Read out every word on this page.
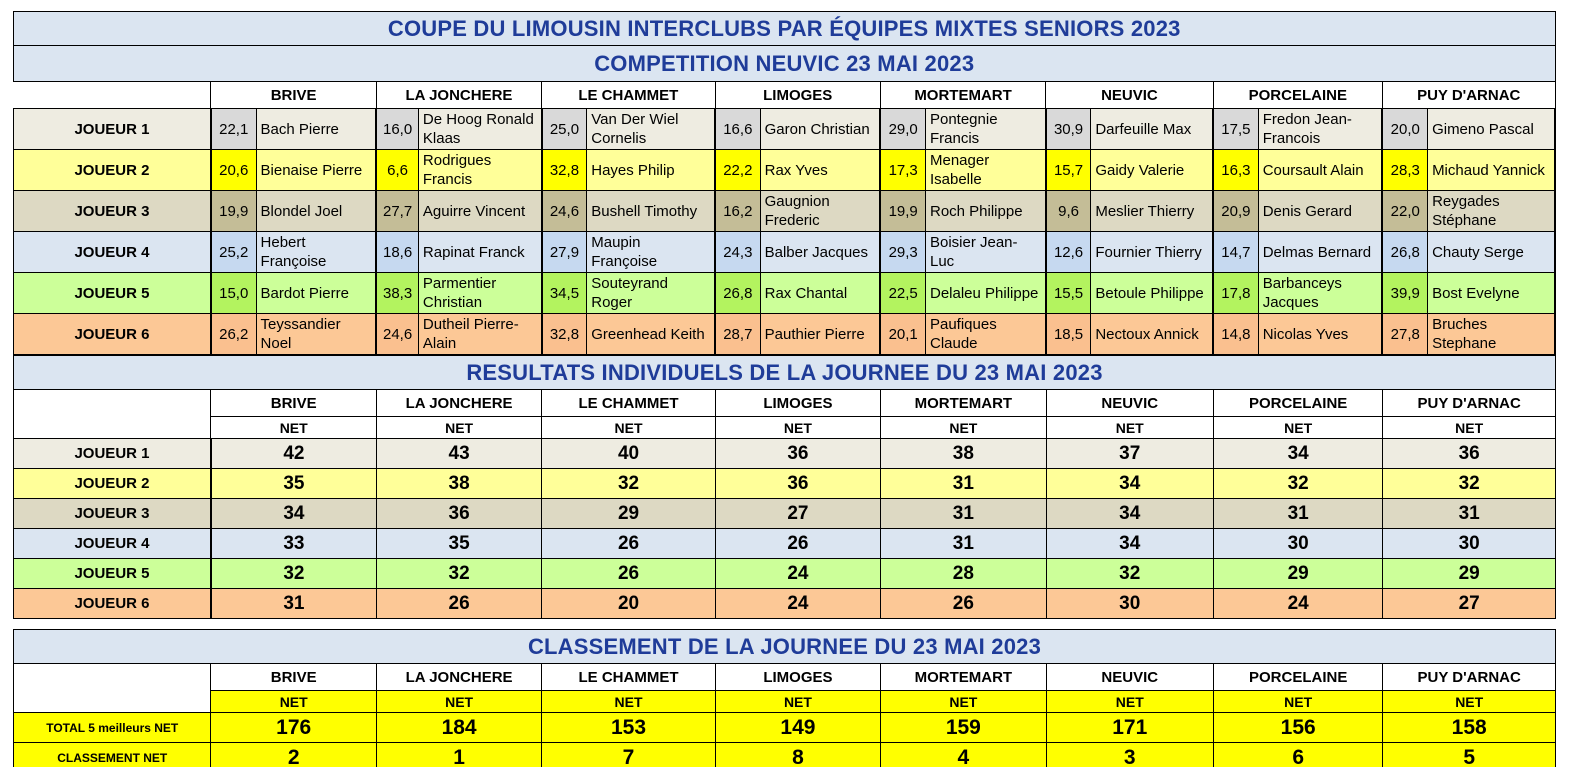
COUPE DU LIMOUSIN INTERCLUBS PAR ÉQUIPES MIXTES SENIORS 2023																
COMPETITION NEUVIC 23 MAI 2023																
	BRIVE		LA JONCHERE		LE CHAMMET		LIMOGES		MORTEMART		NEUVIC		PORCELAINE		PUY D'ARNAC	
JOUEUR 1	22,1	Bach Pierre	16,0	De Hoog Ronald Klaas	25,0	Van Der Wiel Cornelis	16,6	Garon Christian	29,0	Pontegnie Francis	30,9	Darfeuille Max	17,5	Fredon Jean-Francois	20,0	Gimeno Pascal
JOUEUR 2	20,6	Bienaise Pierre	6,6	Rodrigues Francis	32,8	Hayes Philip	22,2	Rax Yves	17,3	Menager Isabelle	15,7	Gaidy Valerie	16,3	Coursault Alain	28,3	Michaud Yannick
JOUEUR 3	19,9	Blondel Joel	27,7	Aguirre Vincent	24,6	Bushell Timothy	16,2	Gaugnion Frederic	19,9	Roch Philippe	9,6	Meslier Thierry	20,9	Denis Gerard	22,0	Reygades Stéphane
JOUEUR 4	25,2	Hebert Françoise	18,6	Rapinat Franck	27,9	Maupin Françoise	24,3	Balber Jacques	29,3	Boisier Jean-Luc	12,6	Fournier Thierry	14,7	Delmas Bernard	26,8	Chauty Serge
JOUEUR 5	15,0	Bardot Pierre	38,3	Parmentier Christian	34,5	Souteyrand Roger	26,8	Rax Chantal	22,5	Delaleu Philippe	15,5	Betoule Philippe	17,8	Barbanceys Jacques	39,9	Bost Evelyne
JOUEUR 6	26,2	Teyssandier Noel	24,6	Dutheil Pierre-Alain	32,8	Greenhead Keith	28,7	Pauthier Pierre	20,1	Paufiques Claude	18,5	Nectoux Annick	14,8	Nicolas Yves	27,8	Bruches Stephane
RESULTATS INDIVIDUELS DE LA JOURNEE DU 23 MAI 2023								
	BRIVE	LA JONCHERE	LE CHAMMET	LIMOGES	MORTEMART	NEUVIC	PORCELAINE	PUY D'ARNAC
	NET	NET	NET	NET	NET	NET	NET	NET
JOUEUR 1	42	43	40	36	38	37	34	36
JOUEUR 2	35	38	32	36	31	34	32	32
JOUEUR 3	34	36	29	27	31	34	31	31
JOUEUR 4	33	35	26	26	31	34	30	30
JOUEUR 5	32	32	26	24	28	32	29	29
JOUEUR 6	31	26	20	24	26	30	24	27
CLASSEMENT DE LA JOURNEE DU 23 MAI 2023								
	BRIVE	LA JONCHERE	LE CHAMMET	LIMOGES	MORTEMART	NEUVIC	PORCELAINE	PUY D'ARNAC
	NET	NET	NET	NET	NET	NET	NET	NET
TOTAL 5 meilleurs NET	176	184	153	149	159	171	156	158
CLASSEMENT NET	2	1	7	8	4	3	6	5
